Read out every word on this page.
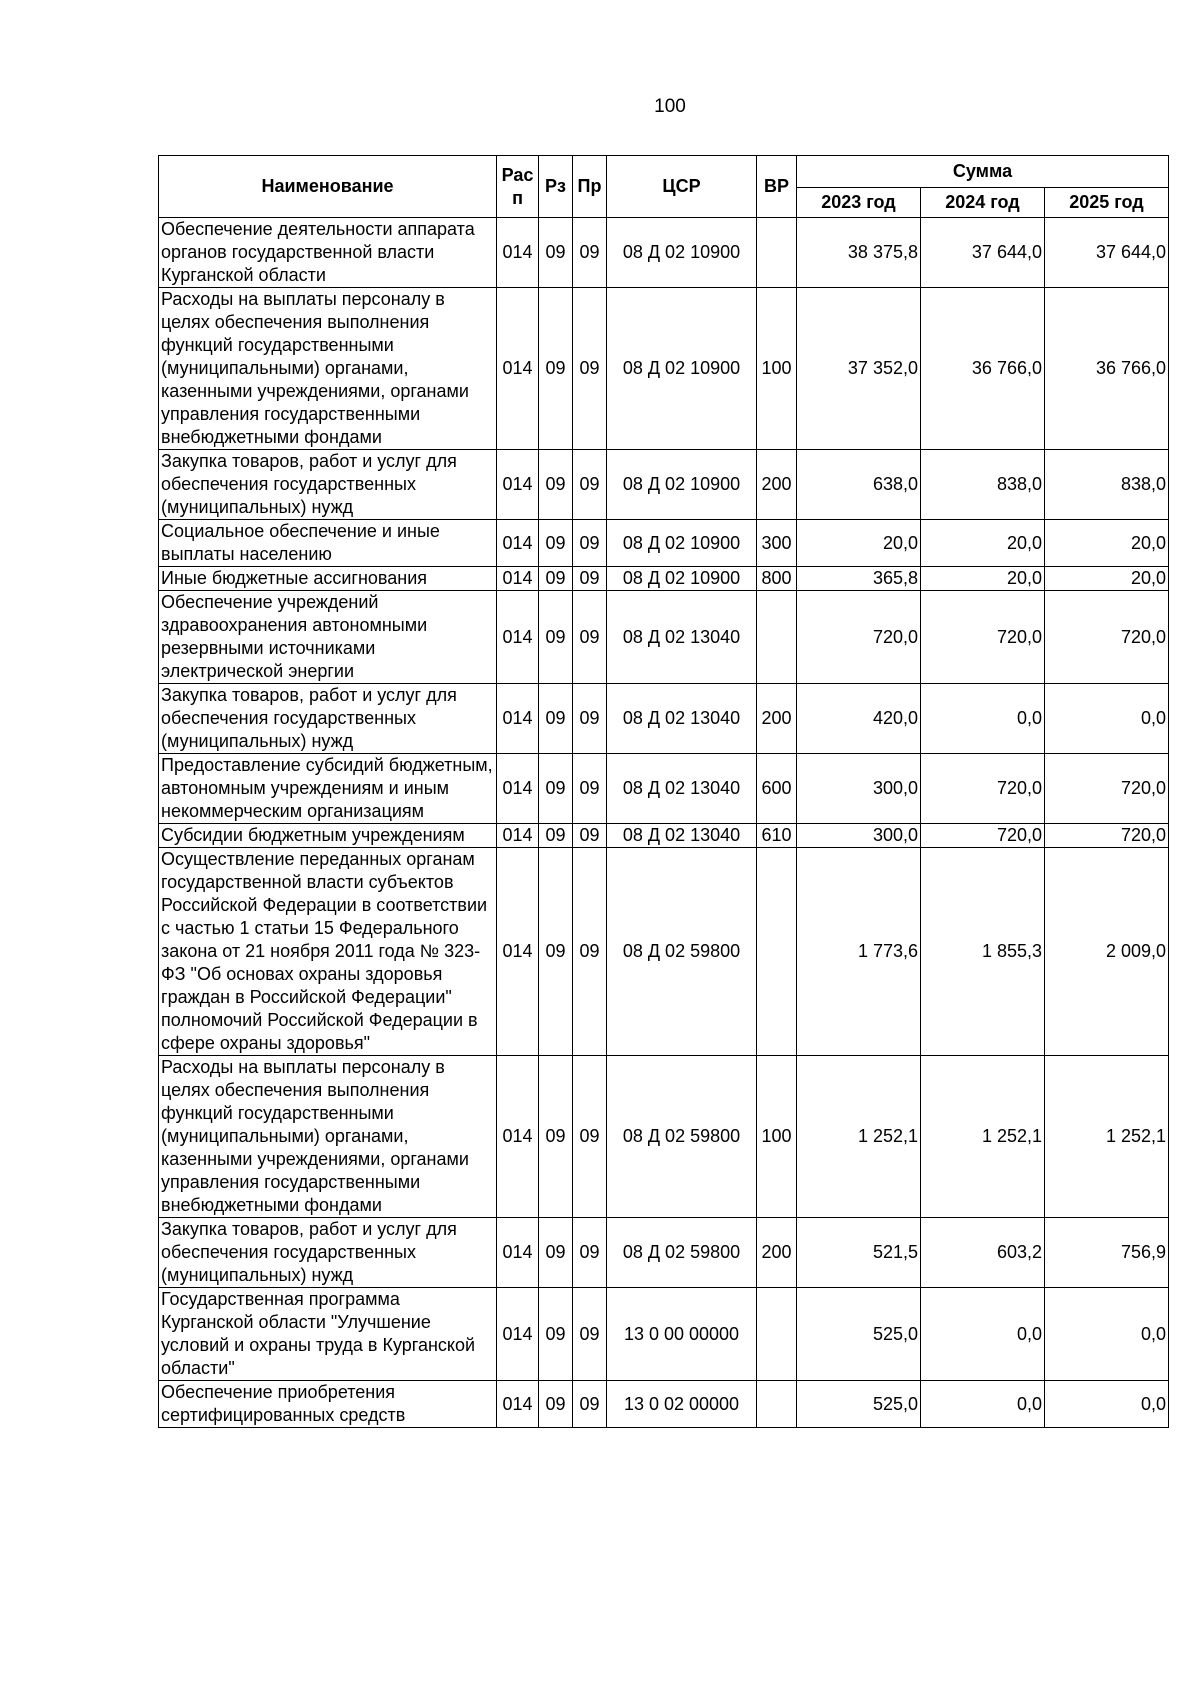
100
Наименование	Рас п	Рз	Пр	ЦСР	ВР	Сумма		
						2023 год	2024 год	2025 год
Обеспечение деятельности аппарата органов государственной власти Курганской области	014	09	09	08 Д 02 10900		38 375,8	37 644,0	37 644,0
Расходы на выплаты персоналу в целях обеспечения выполнения функций государственными (муниципальными) органами, казенными учреждениями, органами управления государственными внебюджетными фондами	014	09	09	08 Д 02 10900	100	37 352,0	36 766,0	36 766,0
Закупка товаров, работ и услуг для обеспечения государственных (муниципальных) нужд	014	09	09	08 Д 02 10900	200	638,0	838,0	838,0
Социальное обеспечение и иные выплаты населению	014	09	09	08 Д 02 10900	300	20,0	20,0	20,0
Иные бюджетные ассигнования	014	09	09	08 Д 02 10900	800	365,8	20,0	20,0
Обеспечение учреждений здравоохранения автономными резервными источниками электрической энергии	014	09	09	08 Д 02 13040		720,0	720,0	720,0
Закупка товаров, работ и услуг для обеспечения государственных (муниципальных) нужд	014	09	09	08 Д 02 13040	200	420,0	0,0	0,0
Предоставление субсидий бюджетным, автономным учреждениям и иным некоммерческим организациям	014	09	09	08 Д 02 13040	600	300,0	720,0	720,0
Субсидии бюджетным учреждениям	014	09	09	08 Д 02 13040	610	300,0	720,0	720,0
Осуществление переданных органам государственной власти субъектов Российской Федерации в соответствии с частью 1 статьи 15 Федерального закона от 21 ноября 2011 года № 323-ФЗ "Об основах охраны здоровья граждан в Российской Федерации" полномочий Российской Федерации в сфере охраны здоровья"	014	09	09	08 Д 02 59800		1 773,6	1 855,3	2 009,0
Расходы на выплаты персоналу в целях обеспечения выполнения функций государственными (муниципальными) органами, казенными учреждениями, органами управления государственными внебюджетными фондами	014	09	09	08 Д 02 59800	100	1 252,1	1 252,1	1 252,1
Закупка товаров, работ и услуг для обеспечения государственных (муниципальных) нужд	014	09	09	08 Д 02 59800	200	521,5	603,2	756,9
Государственная программа Курганской области "Улучшение условий и охраны труда в Курганской области"	014	09	09	13 0 00 00000		525,0	0,0	0,0
Обеспечение приобретения сертифицированных средств	014	09	09	13 0 02 00000		525,0	0,0	0,0
